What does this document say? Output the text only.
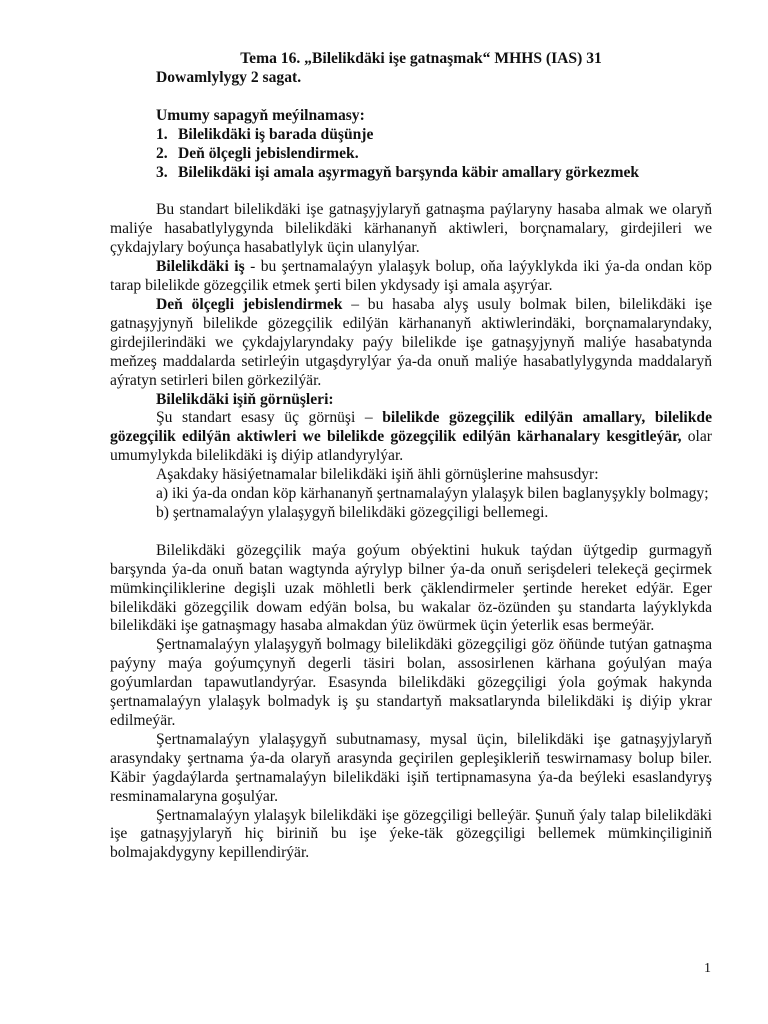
Tema 16. „Bilelikdäki işe gatnaşmak“ MHHS (IAS) 31

Dowamlylygy 2 sagat.

Umumy sapagyň meýilnamasy:

1. Bilelikdäki iş barada düşünje
2. Deň ölçegli jebislendirmek.
3. Bilelikdäki işi amala aşyrmagyň barşynda käbir amallary görkezmek

Bu standart bilelikdäki işe gatnaşyjylaryň gatnaşma paýlaryny hasaba almak we olaryň maliýe hasabatlylygynda bilelikdäki kärhananyň aktiwleri, borçnamalary, girdejileri we çykdajylary boýunça hasabatlylyk üçin ulanylýar.

Bilelikdäki iş - bu şertnamalaýyn ylalaşyk bolup, oňa laýyklykda iki ýa-da ondan köp tarap bilelikde gözegçilik etmek şerti bilen ykdysady işi amala aşyrýar.

Deň ölçegli jebislendirmek – bu hasaba alyş usuly bolmak bilen, bilelikdäki işe gatnaşyjynyň bilelikde gözegçilik edilýän kärhananyň aktiwlerindäki, borçnamalaryndaky, girdejilerindäki we çykdajylaryndaky paýy bilelikde işe gatnaşyjynyň maliýe hasabatynda meňzeş maddalarda setirleýin utgaşdyrylýar ýa-da onuň maliýe hasabatlylygynda maddalaryň aýratyn setirleri bilen görkezilýär.

Bilelikdäki işiň görnüşleri:

Şu standart esasy üç görnüşi – bilelikde gözegçilik edilýän amallary, bilelikde gözegçilik edilýän aktiwleri we bilelikde gözegçilik edilýän kärhanalary kesgitleýär, olar umumylykda bilelikdäki iş diýip atlandyrylýar.

Aşakdaky häsiýetnamalar bilelikdäki işiň ähli görnüşlerine mahsusdyr:

a) iki ýa-da ondan köp kärhananyň şertnamalaýyn ylalaşyk bilen baglanyşykly bolmagy;

b) şertnamalaýyn ylalaşygyň bilelikdäki gözegçiligi bellemegi.

Bilelikdäki gözegçilik maýa goýum obýektini hukuk taýdan üýtgedip gurmagyň barşynda ýa-da onuň batan wagtynda aýrylyp bilner ýa-da onuň serişdeleri telekeçä geçirmek mümkinçiliklerine degişli uzak möhletli berk çäklendirmeler şertinde hereket edýär. Eger bilelikdäki gözegçilik dowam edýän bolsa, bu wakalar öz-özünden şu standarta laýyklykda bilelikdäki işe gatnaşmagy hasaba almakdan ýüz öwürmek üçin ýeterlik esas bermeýär.

Şertnamalaýyn ylalaşygyň bolmagy bilelikdäki gözegçiligi göz öňünde tutýan gatnaşma paýyny maýa goýumçynyň degerli täsiri bolan, assosirlenen kärhana goýulýan maýa goýumlardan tapawutlandyrýar. Esasynda bilelikdäki gözegçiligi ýola goýmak hakynda şertnamalaýyn ylalaşyk bolmadyk iş şu standartyň maksatlarynda bilelikdäki iş diýip ykrar edilmeýär.

Şertnamalaýyn ylalaşygyň subutnamasy, mysal üçin, bilelikdäki işe gatnaşyjylaryň arasyndaky şertnama ýa-da olaryň arasynda geçirilen gepleşikleriň teswirnamasy bolup biler. Käbir ýagdaýlarda şertnamalaýyn bilelikdäki işiň tertipnamasyna ýa-da beýleki esaslandyryş resminamalaryna goşulýar.

Şertnamalaýyn ylalaşyk bilelikdäki işe gözegçiligi belleýär. Şunuň ýaly talap bilelikdäki işe gatnaşyjylaryň hiç biriniň bu işe ýeke-täk gözegçiligi bellemek mümkinçiliginiň bolmajakdygyny kepillendirýär.

1
